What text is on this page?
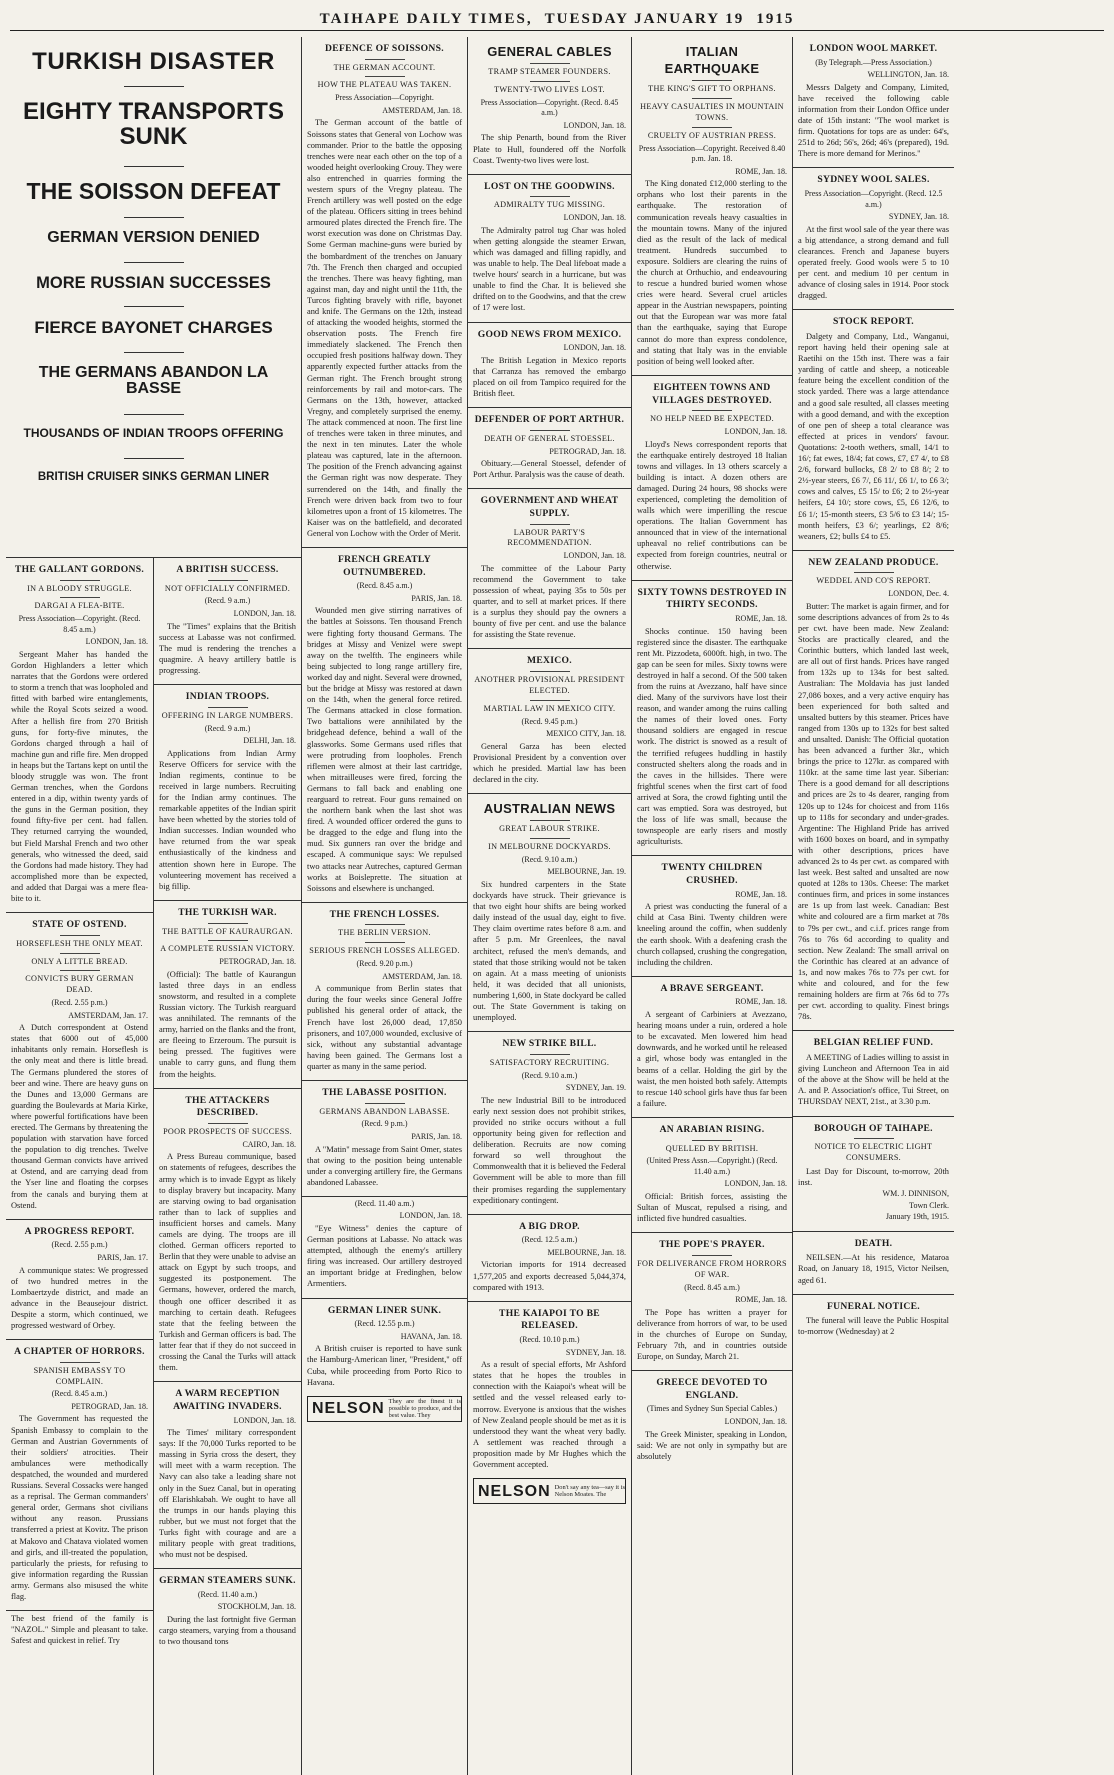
TAIHAPE DAILY TIMES, TUESDAY JANUARY 19 1915

TURKISH DISASTER

EIGHTY TRANSPORTS SUNK

THE SOISSON DEFEAT

GERMAN VERSION DENIED

MORE RUSSIAN SUCCESSES

FIERCE BAYONET CHARGES

THE GERMANS ABANDON LA BASSE

THOUSANDS OF INDIAN TROOPS OFFERING

BRITISH CRUISER SINKS GERMAN LINER

THE GALLANT GORDONS.
IN A BLOODY STRUGGLE.
DARGAI A FLEA-BITE.
Press Association—Copyright. (Recd. 8.45 a.m.)
LONDON, Jan. 18.

Sergeant Maher has handed the Gordon Highlanders a letter which narrates that the Gordons were ordered to storm a trench that was loopholed and fitted with barbed wire entanglements, while the Royal Scots seized a wood. After a hellish fire from 270 British guns, for forty-five minutes, the Gordons charged through a hail of machine gun and rifle fire. Men dropped in heaps but the Tartans kept on until the bloody struggle was won. The front German trenches, when the Gordons entered in a dip, within twenty yards of the guns in the German position, they found fifty-five per cent. had fallen. They returned carrying the wounded, but Field Marshal French and two other generals, who witnessed the deed, said the Gordons had made history. They had accomplished more than be expected, and added that Dargai was a mere flea-bite to it.

STATE OF OSTEND.
HORSEFLESH THE ONLY MEAT.
ONLY A LITTLE BREAD.
CONVICTS BURY GERMAN DEAD.
(Recd. 2.55 p.m.)
AMSTERDAM, Jan. 17.

A Dutch correspondent at Ostend states that 6000 out of 45,000 inhabitants only remain. Horseflesh is the only meat and there is little bread. The Germans plundered the stores of beer and wine. There are heavy guns on the Dunes and 13,000 Germans are guarding the Boulevards at Maria Kirke, where powerful fortifications have been erected. The Germans by threatening the population with starvation have forced the population to dig trenches. Twelve thousand German convicts have arrived at Ostend, and are carrying dead from the Yser line and floating the corpses from the canals and burying them at Ostend.

A PROGRESS REPORT.
(Recd. 2.55 p.m.)
PARIS, Jan. 17.

A communique states: We progressed of two hundred metres in the Lombaertzyde district, and made an advance in the Beausejour district. Despite a storm, which continued, we progressed westward of Orbey.

A CHAPTER OF HORRORS.
SPANISH EMBASSY TO COMPLAIN.
(Recd. 8.45 a.m.)
PETROGRAD, Jan. 18.

The Government has requested the Spanish Embassy to complain to the German and Austrian Governments of their soldiers' atrocities. Their ambulances were methodically despatched, the wounded and murdered Russians. Several Cossacks were hanged as a reprisal. The German commanders' general order, Germans shot civilians without any reason. Prussians transferred a priest at Kovitz. The prison at Makovo and Chatava violated women and girls, and ill-treated the population, particularly the priests, for refusing to give information regarding the Russian army. Germans also misused the white flag.

The best friend of the family is "NAZOL." Simple and pleasant to take. Safest and quickest in relief. Try

A BRITISH SUCCESS.
NOT OFFICIALLY CONFIRMED.
(Recd. 9 a.m.)
LONDON, Jan. 18.

The "Times" explains that the British success at Labasse was not confirmed. The mud is rendering the trenches a quagmire. A heavy artillery battle is progressing.

INDIAN TROOPS.
OFFERING IN LARGE NUMBERS.
(Recd. 9 a.m.)
DELHI, Jan. 18.

Applications from Indian Army Reserve Officers for service with the Indian regiments, continue to be received in large numbers. Recruiting for the Indian army continues. The remarkable appetites of the Indian spirit have been whetted by the stories told of Indian successes. Indian wounded who have returned from the war speak enthusiastically of the kindness and attention shown here in Europe. The volunteering movement has received a big fillip.

THE TURKISH WAR.
THE BATTLE OF KAURAURGAN.
A COMPLETE RUSSIAN VICTORY.
PETROGRAD, Jan. 18.

(Official): The battle of Kaurangun lasted three days in an endless snowstorm, and resulted in a complete Russian victory. The Turkish rearguard was annihilated. The remnants of the army, harried on the flanks and the front, are fleeing to Erzeroum. The pursuit is being pressed. The fugitives were unable to carry guns, and flung them from the heights.

THE ATTACKERS DESCRIBED.
POOR PROSPECTS OF SUCCESS.
CAIRO, Jan. 18.

A Press Bureau communique, based on statements of refugees, describes the army which is to invade Egypt as likely to display bravery but incapacity. Many are starving owing to bad organisation rather than to lack of supplies and insufficient horses and camels. Many camels are dying. The troops are ill clothed. German officers reported to Berlin that they were unable to advise an attack on Egypt by such troops, and suggested its postponement. The Germans, however, ordered the march, though one officer described it as marching to certain death. Refugees state that the feeling between the Turkish and German officers is bad. The latter fear that if they do not succeed in crossing the Canal the Turks will attack them.

A WARM RECEPTION AWAITING INVADERS.
LONDON, Jan. 18.

The Times' military correspondent says: If the 70,000 Turks reported to be massing in Syria cross the desert, they will meet with a warm reception. The Navy can also take a leading share not only in the Suez Canal, but in operating off Elarishkabah. We ought to have all the trumps in our hands playing this rubber, but we must not forget that the Turks fight with courage and are a military people with great traditions, who must not be despised.

GERMAN STEAMERS SUNK.
(Recd. 11.40 a.m.)
STOCKHOLM, Jan. 18.

During the last fortnight five German cargo steamers, varying from a thousand to two thousand tons

DEFENCE OF SOISSONS.
THE GERMAN ACCOUNT.
HOW THE PLATEAU WAS TAKEN.
Press Association—Copyright.
AMSTERDAM, Jan. 18.

The German account of the battle of Soissons states that General von Lochow was commander. Prior to the battle the opposing trenches were near each other on the top of a wooded height overlooking Crouy. They were also entrenched in quarries forming the western spurs of the Vregny plateau. The French artillery was well posted on the edge of the plateau. Officers sitting in trees behind armoured plates directed the French fire. The worst execution was done on Christmas Day. Some German machine-guns were buried by the bombardment of the trenches on January 7th. The French then charged and occupied the trenches. There was heavy fighting, man against man, day and night until the 11th, the Turcos fighting bravely with rifle, bayonet and knife. The Germans on the 12th, instead of attacking the wooded heights, stormed the observation posts. The French fire immediately slackened. The French then occupied fresh positions halfway down. They apparently expected further attacks from the German right. The French brought strong reinforcements by rail and motor-cars. The Germans on the 13th, however, attacked Vregny, and completely surprised the enemy. The attack commenced at noon. The first line of trenches were taken in three minutes, and the next in ten minutes. Later the whole plateau was captured, late in the afternoon. The position of the French advancing against the German right was now desperate. They surrendered on the 14th, and finally the French were driven back from two to four kilometres upon a front of 15 kilometres. The Kaiser was on the battlefield, and decorated General von Lochow with the Order of Merit.

FRENCH GREATLY OUTNUMBERED.
(Recd. 8.45 a.m.)
PARIS, Jan. 18.

Wounded men give stirring narratives of the battles at Soissons. Ten thousand French were fighting forty thousand Germans. The bridges at Missy and Venizel were swept away on the twelfth. The engineers while being subjected to long range artillery fire, worked day and night. Several were drowned, but the bridge at Missy was restored at dawn on the 14th, when the general force retired. The Germans attacked in close formation. Two battalions were annihilated by the bridgehead defence, behind a wall of the glassworks. Some Germans used rifles that were protruding from loopholes. French riflemen were almost at their last cartridge, when mitrailleuses were fired, forcing the Germans to fall back and enabling one rearguard to retreat. Four guns remained on the northern bank when the last shot was fired. A wounded officer ordered the guns to be dragged to the edge and flung into the mud. Six gunners ran over the bridge and escaped. A communique says: We repulsed two attacks near Autreches, captured German works at Boisleprette. The situation at Soissons and elsewhere is unchanged.

THE FRENCH LOSSES.
THE BERLIN VERSION.
SERIOUS FRENCH LOSSES ALLEGED.
(Recd. 9.20 p.m.)
AMSTERDAM, Jan. 18.

A communique from Berlin states that during the four weeks since General Joffre published his general order of attack, the French have lost 26,000 dead, 17,850 prisoners, and 107,000 wounded, exclusive of sick, without any substantial advantage having been gained. The Germans lost a quarter as many in the same period.

THE LABASSE POSITION.
GERMANS ABANDON LABASSE.
(Recd. 9 p.m.)
PARIS, Jan. 18.

A "Matin" message from Saint Omer, states that owing to the position being untenable under a converging artillery fire, the Germans abandoned Labassee.

(Recd. 11.40 a.m.)
LONDON, Jan. 18.

"Eye Witness" denies the capture of German positions at Labasse. No attack was attempted, although the enemy's artillery firing was increased. Our artillery destroyed an important bridge at Fredinghen, below Armentiers.

GERMAN LINER SUNK.
(Recd. 12.55 p.m.)
HAVANA, Jan. 18.

A British cruiser is reported to have sunk the Hamburg-American liner, "President," off Cuba, while proceeding from Porto Rico to Havana.

NELSON They are the finest it is possible to produce, and the best value. They
GENERAL CABLES
TRAMP STEAMER FOUNDERS.
TWENTY-TWO LIVES LOST.
Press Association—Copyright. (Recd. 8.45 a.m.)
LONDON, Jan. 18.

The ship Penarth, bound from the River Plate to Hull, foundered off the Norfolk Coast. Twenty-two lives were lost.

LOST ON THE GOODWINS.
ADMIRALTY TUG MISSING.
LONDON, Jan. 18.

The Admiralty patrol tug Char was holed when getting alongside the steamer Erwan, which was damaged and filling rapidly, and was unable to help. The Deal lifeboat made a twelve hours' search in a hurricane, but was unable to find the Char. It is believed she drifted on to the Goodwins, and that the crew of 17 were lost.

GOOD NEWS FROM MEXICO.
LONDON, Jan. 18.

The British Legation in Mexico reports that Carranza has removed the embargo placed on oil from Tampico required for the British fleet.

DEFENDER OF PORT ARTHUR.
DEATH OF GENERAL STOESSEL.
PETROGRAD, Jan. 18.

Obituary.—General Stoessel, defender of Port Arthur. Paralysis was the cause of death.

GOVERNMENT AND WHEAT SUPPLY.
LABOUR PARTY'S RECOMMENDATION.
LONDON, Jan. 18.

The committee of the Labour Party recommend the Government to take possession of wheat, paying 35s to 50s per quarter, and to sell at market prices. If there is a surplus they should pay the owners a bounty of five per cent. and use the balance for assisting the State revenue.

MEXICO.
ANOTHER PROVISIONAL PRESIDENT ELECTED.
MARTIAL LAW IN MEXICO CITY.
(Recd. 9.45 p.m.)
MEXICO CITY, Jan. 18.

General Garza has been elected Provisional President by a convention over which he presided. Martial law has been declared in the city.

AUSTRALIAN NEWS
GREAT LABOUR STRIKE.
IN MELBOURNE DOCKYARDS.
(Recd. 9.10 a.m.)
MELBOURNE, Jan. 19.

Six hundred carpenters in the State dockyards have struck. Their grievance is that two eight hour shifts are being worked daily instead of the usual day, eight to five. They claim overtime rates before 8 a.m. and after 5 p.m. Mr Greenlees, the naval architect, refused the men's demands, and stated that those striking would not be taken on again. At a mass meeting of unionists held, it was decided that all unionists, numbering 1,600, in State dockyard be called out. The State Government is taking on unemployed.

NEW STRIKE BILL.
SATISFACTORY RECRUITING.
(Recd. 9.10 a.m.)
SYDNEY, Jan. 19.

The new Industrial Bill to be introduced early next session does not prohibit strikes, provided no strike occurs without a full opportunity being given for reflection and deliberation. Recruits are now coming forward so well throughout the Commonwealth that it is believed the Federal Government will be able to more than fill their promises regarding the supplementary expeditionary contingent.

A BIG DROP.
(Recd. 12.5 a.m.)
MELBOURNE, Jan. 18.

Victorian imports for 1914 decreased 1,577,205 and exports decreased 5,044,374, compared with 1913.

THE KAIAPOI TO BE RELEASED.
(Recd. 10.10 p.m.)
SYDNEY, Jan. 18.

As a result of special efforts, Mr Ashford states that he hopes the troubles in connection with the Kaiapoi's wheat will be settled and the vessel released early to-morrow. Everyone is anxious that the wishes of New Zealand people should be met as it is understood they want the wheat very badly. A settlement was reached through a proposition made by Mr Hughes which the Government accepted.

NELSON Don't say any tea—say it is Nelson Moates. The
ITALIAN EARTHQUAKE
THE KING'S GIFT TO ORPHANS.
HEAVY CASUALTIES IN MOUNTAIN TOWNS.
CRUELTY OF AUSTRIAN PRESS.
Press Association—Copyright. Received 8.40 p.m. Jan. 18.
ROME, Jan. 18.

The King donated £12,000 sterling to the orphans who lost their parents in the earthquake. The restoration of communication reveals heavy casualties in the mountain towns. Many of the injured died as the result of the lack of medical treatment. Hundreds succumbed to exposure. Soldiers are clearing the ruins of the church at Orthuchio, and endeavouring to rescue a hundred buried women whose cries were heard. Several cruel articles appear in the Austrian newspapers, pointing out that the European war was more fatal than the earthquake, saying that Europe cannot do more than express condolence, and stating that Italy was in the enviable position of being well looked after.

EIGHTEEN TOWNS AND VILLAGES DESTROYED.
NO HELP NEED BE EXPECTED.
LONDON, Jan. 18.

Lloyd's News correspondent reports that the earthquake entirely destroyed 18 Italian towns and villages. In 13 others scarcely a building is intact. A dozen others are damaged. During 24 hours, 98 shocks were experienced, completing the demolition of walls which were imperilling the rescue operations. The Italian Government has announced that in view of the international upheaval no relief contributions can be expected from foreign countries, neutral or otherwise.

SIXTY TOWNS DESTROYED IN THIRTY SECONDS.
ROME, Jan. 18.

Shocks continue. 150 having been registered since the disaster. The earthquake rent Mt. Pizzodeta, 6000ft. high, in two. The gap can be seen for miles. Sixty towns were destroyed in half a second. Of the 500 taken from the ruins at Avezzano, half have since died. Many of the survivors have lost their reason, and wander among the ruins calling the names of their loved ones. Forty thousand soldiers are engaged in rescue work. The district is snowed as a result of the terrified refugees huddling in hastily constructed shelters along the roads and in the caves in the hillsides. There were frightful scenes when the first cart of food arrived at Sora, the crowd fighting until the cart was emptied. Sora was destroyed, but the loss of life was small, because the townspeople are early risers and mostly agriculturists.

TWENTY CHILDREN CRUSHED.
ROME, Jan. 18.

A priest was conducting the funeral of a child at Casa Bini. Twenty children were kneeling around the coffin, when suddenly the earth shook. With a deafening crash the church collapsed, crushing the congregation, including the children.

A BRAVE SERGEANT.
ROME, Jan. 18.

A sergeant of Carbiniers at Avezzano, hearing moans under a ruin, ordered a hole to be excavated. Men lowered him head downwards, and he worked until he released a girl, whose body was entangled in the beams of a cellar. Holding the girl by the waist, the men hoisted both safely. Attempts to rescue 140 school girls have thus far been a failure.

AN ARABIAN RISING.
QUELLED BY BRITISH.
(United Press Assn.—Copyright.) (Recd. 11.40 a.m.)
LONDON, Jan. 18.

Official: British forces, assisting the Sultan of Muscat, repulsed a rising, and inflicted five hundred casualties.

THE POPE'S PRAYER.
FOR DELIVERANCE FROM HORRORS OF WAR.
(Recd. 8.45 a.m.)
ROME, Jan. 18.

The Pope has written a prayer for deliverance from horrors of war, to be used in the churches of Europe on Sunday, February 7th, and in countries outside Europe, on Sunday, March 21.

GREECE DEVOTED TO ENGLAND.
(Times and Sydney Sun Special Cables.)
LONDON, Jan. 18.

The Greek Minister, speaking in London, said: We are not only in sympathy but are absolutely

LONDON WOOL MARKET.
(By Telegraph.—Press Association.)
WELLINGTON, Jan. 18.

Messrs Dalgety and Company, Limited, have received the following cable information from their London Office under date of 15th instant: "The wool market is firm. Quotations for tops are as under: 64's, 251d to 26d; 56's, 26d; 46's (prepared), 19d. There is more demand for Merinos."

SYDNEY WOOL SALES.
Press Association—Copyright. (Recd. 12.5 a.m.)
SYDNEY, Jan. 18.

At the first wool sale of the year there was a big attendance, a strong demand and full clearances. French and Japanese buyers operated freely. Good wools were 5 to 10 per cent. and medium 10 per centum in advance of closing sales in 1914. Poor stock dragged.

STOCK REPORT.

Dalgety and Company, Ltd., Wanganui, report having held their opening sale at Raetihi on the 15th inst. There was a fair yarding of cattle and sheep, a noticeable feature being the excellent condition of the stock yarded. There was a large attendance and a good sale resulted, all classes meeting with a good demand, and with the exception of one pen of sheep a total clearance was effected at prices in vendors' favour. Quotations: 2-tooth wethers, small, 14/1 to 16/; fat ewes, 18/4; fat cows, £7, £7 4/, to £8 2/6, forward bullocks, £8 2/ to £8 8/; 2 to 2½-year steers, £6 7/, £6 11/, £6 1/, to £6 3/; cows and calves, £5 15/ to £6; 2 to 2½-year heifers, £4 10/; store cows, £5, £6 12/6, to £6 1/; 15-month steers, £3 5/6 to £3 14/; 15-month heifers, £3 6/; yearlings, £2 8/6; weaners, £2; bulls £4 to £5.

NEW ZEALAND PRODUCE.
WEDDEL AND CO'S REPORT.
LONDON, Dec. 4.

Butter: The market is again firmer, and for some descriptions advances of from 2s to 4s per cwt. have been made. New Zealand: Stocks are practically cleared, and the Corinthic butters, which landed last week, are all out of first hands. Prices have ranged from 132s up to 134s for best salted. Australian: The Moldavia has just landed 27,086 boxes, and a very active enquiry has been experienced for both salted and unsalted butters by this steamer. Prices have ranged from 130s up to 132s for best salted and unsalted. Danish: The Official quotation has been advanced a further 3kr., which brings the price to 127kr. as compared with 110kr. at the same time last year. Siberian: There is a good demand for all descriptions and prices are 2s to 4s dearer, ranging from 120s up to 124s for choicest and from 116s up to 118s for secondary and under-grades. Argentine: The Highland Pride has arrived with 1600 boxes on board, and in sympathy with other descriptions, prices have advanced 2s to 4s per cwt. as compared with last week. Best salted and unsalted are now quoted at 128s to 130s. Cheese: The market continues firm, and prices in some instances are 1s up from last week. Canadian: Best white and coloured are a firm market at 78s to 79s per cwt., and c.i.f. prices range from 76s to 76s 6d according to quality and section. New Zealand: The small arrival on the Corinthic has cleared at an advance of 1s, and now makes 76s to 77s per cwt. for white and coloured, and for the few remaining holders are firm at 76s 6d to 77s per cwt. according to quality. Finest brings 78s.

BELGIAN RELIEF FUND.

A MEETING of Ladies willing to assist in giving Luncheon and Afternoon Tea in aid of the above at the Show will be held at the A. and P. Association's office, Tui Street, on THURSDAY NEXT, 21st., at 3.30 p.m.

BOROUGH OF TAIHAPE.
NOTICE TO ELECTRIC LIGHT CONSUMERS.

Last Day for Discount, to-morrow, 20th inst.

WM. J. DINNISON,
Town Clerk.
January 19th, 1915.
DEATH.

NEILSEN.—At his residence, Mataroa Road, on January 18, 1915, Victor Neilsen, aged 61.

FUNERAL NOTICE.

The funeral will leave the Public Hospital to-morrow (Wednesday) at 2
